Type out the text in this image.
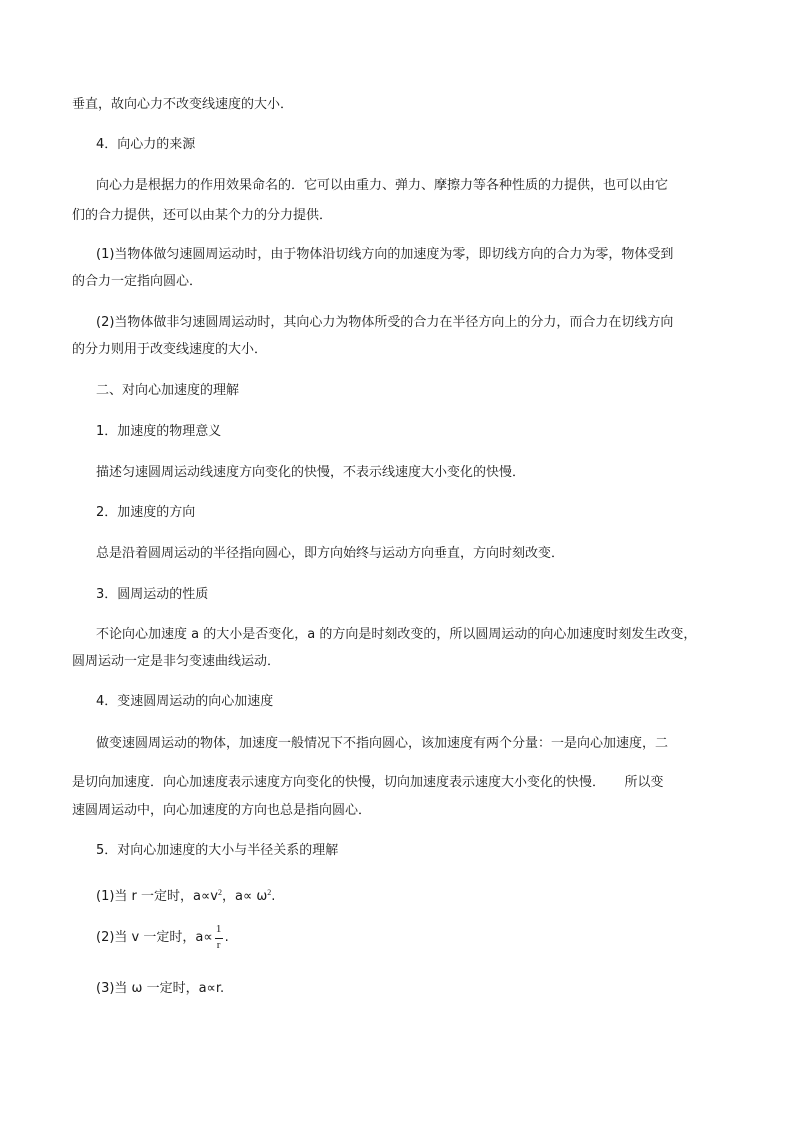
垂直，故向心力不改变线速度的大小．
4．向心力的来源
向心力是根据力的作用效果命名的．它可以由重力、弹力、摩擦力等各种性质的力提供，也可以由它
们的合力提供，还可以由某个力的分力提供．
(1)当物体做匀速圆周运动时，由于物体沿切线方向的加速度为零，即切线方向的合力为零，物体受到
的合力一定指向圆心．
(2)当物体做非匀速圆周运动时，其向心力为物体所受的合力在半径方向上的分力，而合力在切线方向
的分力则用于改变线速度的大小．
二、对向心加速度的理解
1．加速度的物理意义
描述匀速圆周运动线速度方向变化的快慢，不表示线速度大小变化的快慢．
2．加速度的方向
总是沿着圆周运动的半径指向圆心，即方向始终与运动方向垂直，方向时刻改变．
3．圆周运动的性质
不论向心加速度 a 的大小是否变化，a 的方向是时刻改变的，所以圆周运动的向心加速度时刻发生改变，
圆周运动一定是非匀变速曲线运动．
4．变速圆周运动的向心加速度
做变速圆周运动的物体，加速度一般情况下不指向圆心，该加速度有两个分量：一是向心加速度，二
是切向加速度．向心加速度表示速度方向变化的快慢，切向加速度表示速度大小变化的快慢．　　所以变
速圆周运动中，向心加速度的方向也总是指向圆心．
5．对向心加速度的大小与半径关系的理解
(1)当 r 一定时，$a\propto v^2$，$a\propto \omega^2$.
(2)当 v 一定时，$a\propto \frac{1}{r}$ .
(3)当 ω 一定时，a∝r.
